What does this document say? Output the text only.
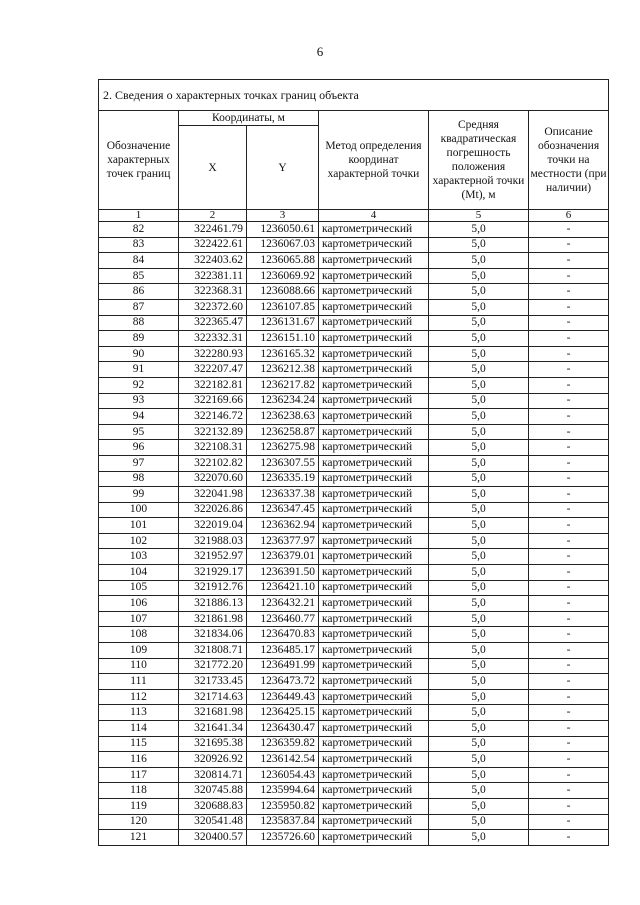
6
2. Сведения о характерных точках границ объекта					
Обозначение характерных точек границ	Координаты, м		Метод определения координат характерной точки	Средняя квадратическая погрешность положения характерной точки (Mt), м	Описание обозначения точки на местности (при наличии)
	X	Y			
1	2	3	4	5	6
82	322461.79	1236050.61	картометрический	5,0	-
83	322422.61	1236067.03	картометрический	5,0	-
84	322403.62	1236065.88	картометрический	5,0	-
85	322381.11	1236069.92	картометрический	5,0	-
86	322368.31	1236088.66	картометрический	5,0	-
87	322372.60	1236107.85	картометрический	5,0	-
88	322365.47	1236131.67	картометрический	5,0	-
89	322332.31	1236151.10	картометрический	5,0	-
90	322280.93	1236165.32	картометрический	5,0	-
91	322207.47	1236212.38	картометрический	5,0	-
92	322182.81	1236217.82	картометрический	5,0	-
93	322169.66	1236234.24	картометрический	5,0	-
94	322146.72	1236238.63	картометрический	5,0	-
95	322132.89	1236258.87	картометрический	5,0	-
96	322108.31	1236275.98	картометрический	5,0	-
97	322102.82	1236307.55	картометрический	5,0	-
98	322070.60	1236335.19	картометрический	5,0	-
99	322041.98	1236337.38	картометрический	5,0	-
100	322026.86	1236347.45	картометрический	5,0	-
101	322019.04	1236362.94	картометрический	5,0	-
102	321988.03	1236377.97	картометрический	5,0	-
103	321952.97	1236379.01	картометрический	5,0	-
104	321929.17	1236391.50	картометрический	5,0	-
105	321912.76	1236421.10	картометрический	5,0	-
106	321886.13	1236432.21	картометрический	5,0	-
107	321861.98	1236460.77	картометрический	5,0	-
108	321834.06	1236470.83	картометрический	5,0	-
109	321808.71	1236485.17	картометрический	5,0	-
110	321772.20	1236491.99	картометрический	5,0	-
111	321733.45	1236473.72	картометрический	5,0	-
112	321714.63	1236449.43	картометрический	5,0	-
113	321681.98	1236425.15	картометрический	5,0	-
114	321641.34	1236430.47	картометрический	5,0	-
115	321695.38	1236359.82	картометрический	5,0	-
116	320926.92	1236142.54	картометрический	5,0	-
117	320814.71	1236054.43	картометрический	5,0	-
118	320745.88	1235994.64	картометрический	5,0	-
119	320688.83	1235950.82	картометрический	5,0	-
120	320541.48	1235837.84	картометрический	5,0	-
121	320400.57	1235726.60	картометрический	5,0	-
